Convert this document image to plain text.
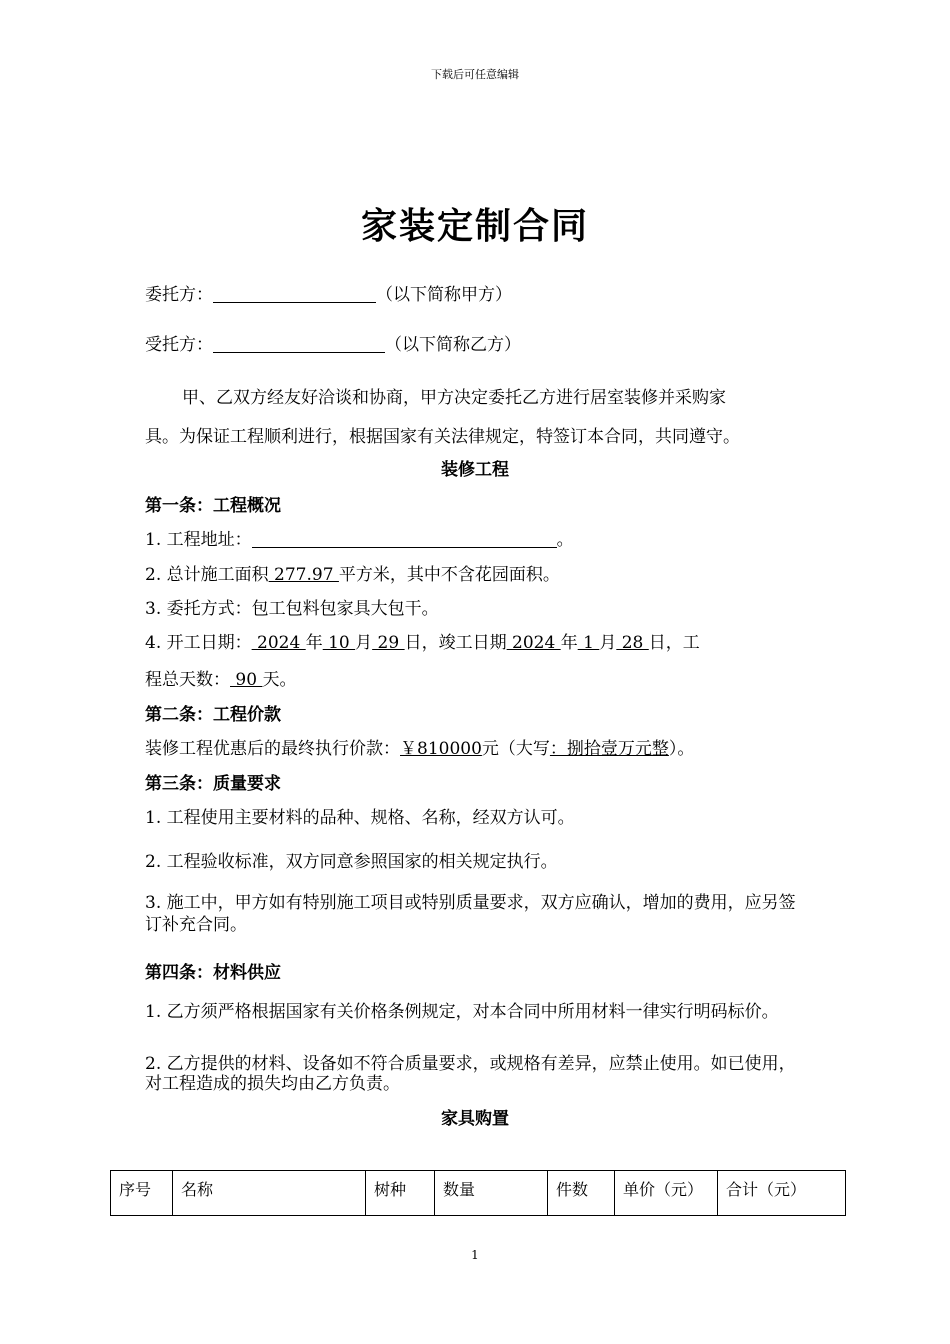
下载后可任意编辑
家装定制合同
委托方：	（以下简称甲方）
受托方：	（以下简称乙方）
甲、乙双方经友好洽谈和协商，甲方决定委托乙方进行居室装修并采购家
具。为保证工程顺利进行，根据国家有关法律规定，特签订本合同，共同遵守。
装修工程
第一条：工程概况
1. 工程地址：	。
2. 总计施工面积 277.97 平方米，其中不含花园面积。
3. 委托方式：包工包料包家具大包干。
4. 开工日期： 2024 年 10 月 29 日，竣工日期 2024 年 1 月 28 日，工
程总天数： 90 天。
第二条：工程价款
装修工程优惠后的最终执行价款：￥810000元（大写：捌拾壹万元整）。
第三条：质量要求
1. 工程使用主要材料的品种、规格、名称，经双方认可。
2. 工程验收标准，双方同意参照国家的相关规定执行。
3. 施工中，甲方如有特别施工项目或特别质量要求，双方应确认，增加的费用，应另签订补充合同。
第四条：材料供应
1. 乙方须严格根据国家有关价格条例规定，对本合同中所用材料一律实行明码标价。
2. 乙方提供的材料、设备如不符合质量要求，或规格有差异，应禁止使用。如已使用，对工程造成的损失均由乙方负责。
家具购置
序号	名称	树种	数量	件数	单价（元）	合计（元）
1
